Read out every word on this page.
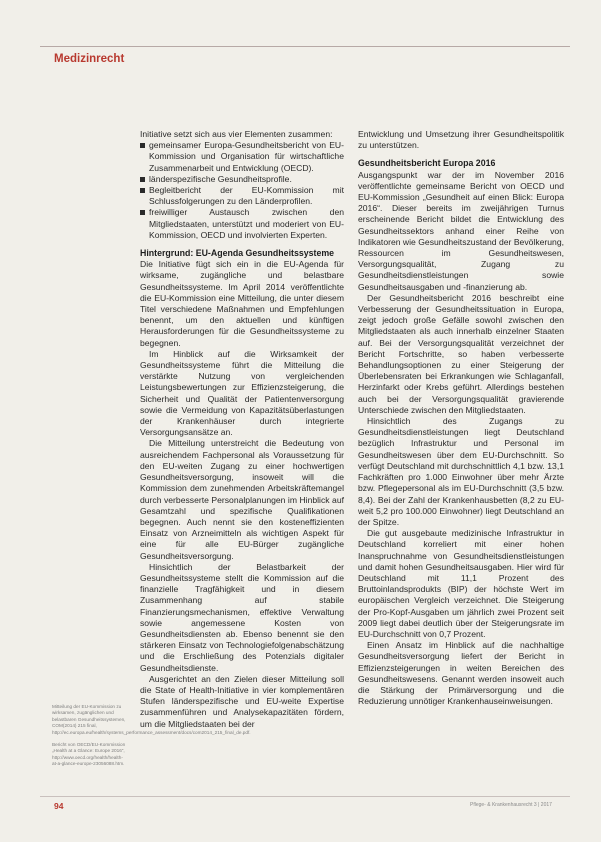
Medizinrecht

Initiative setzt sich aus vier Elementen zusammen:

gemeinsamer Europa-Gesundheitsbericht von EU-Kommission und Organisation für wirtschaftliche Zusammenarbeit und Entwicklung (OECD).
länderspezifische Gesundheitsprofile.
Begleitbericht der EU-Kommission mit Schlussfolgerungen zu den Länderprofilen.
freiwilliger Austausch zwischen den Mitgliedstaaten, unterstützt und moderiert von EU-Kommission, OECD und involvierten Experten.
Hintergrund: EU-Agenda Gesundheitssysteme

Die Initiative fügt sich ein in die EU-Agenda für wirksame, zugängliche und belastbare Gesundheitssysteme. Im April 2014 veröffentlichte die EU-Kommission eine Mitteilung, die unter diesem Titel verschiedene Maßnahmen und Empfehlungen benennt, um den aktuellen und künftigen Herausforderungen für die Gesundheitssysteme zu begegnen.

Im Hinblick auf die Wirksamkeit der Gesundheitssysteme führt die Mitteilung die verstärkte Nutzung von vergleichenden Leistungsbewertungen zur Effizienzsteigerung, die Sicherheit und Qualität der Patientenversorgung sowie die Vermeidung von Kapazitätsüberlastungen der Krankenhäuser durch integrierte Versorgungsansätze an.

Die Mitteilung unterstreicht die Bedeutung von ausreichendem Fachpersonal als Voraussetzung für den EU-weiten Zugang zu einer hochwertigen Gesundheitsversorgung, insoweit will die Kommission dem zunehmenden Arbeitskräftemangel durch verbesserte Personalplanungen im Hinblick auf Gesamtzahl und spezifische Qualifikationen begegnen. Auch nennt sie den kosteneffizienten Einsatz von Arzneimitteln als wichtigen Aspekt für eine für alle EU-Bürger zugängliche Gesundheitsversorgung.

Hinsichtlich der Belastbarkeit der Gesundheitssysteme stellt die Kommission auf die finanzielle Tragfähigkeit und in diesem Zusammenhang auf stabile Finanzierungsmechanismen, effektive Verwaltung sowie angemessene Kosten von Gesundheitsdiensten ab. Ebenso benennt sie den stärkeren Einsatz von Technologiefolgenabschätzung und die Erschließung des Potenzials digitaler Gesundheitsdienste.

Ausgerichtet an den Zielen dieser Mitteilung soll die State of Health-Initiative in vier komplementären Stufen länderspezifische und EU-weite Expertise zusammenführen und Analysekapazitäten fördern, um die Mitgliedstaaten bei der

Entwicklung und Umsetzung ihrer Gesundheitspolitik zu unterstützen.

Gesundheitsbericht Europa 2016

Ausgangspunkt war der im November 2016 veröffentlichte gemeinsame Bericht von OECD und EU-Kommission „Gesundheit auf einen Blick: Europa 2016“. Dieser bereits im zweijährigen Turnus erscheinende Bericht bildet die Entwicklung des Gesundheitssektors anhand einer Reihe von Indikatoren wie Gesundheitszustand der Bevölkerung, Ressourcen im Gesundheitswesen, Versorgungsqualität, Zugang zu Gesundheitsdienstleistungen sowie Gesundheitsausgaben und -finanzierung ab.

Der Gesundheitsbericht 2016 beschreibt eine Verbesserung der Gesundheitssituation in Europa, zeigt jedoch große Gefälle sowohl zwischen den Mitgliedstaaten als auch innerhalb einzelner Staaten auf. Bei der Versorgungsqualität verzeichnet der Bericht Fortschritte, so haben verbesserte Behandlungsoptionen zu einer Steigerung der Überlebensraten bei Erkrankungen wie Schlaganfall, Herzinfarkt oder Krebs geführt. Allerdings bestehen auch bei der Versorgungsqualität gravierende Unterschiede zwischen den Mitgliedstaaten.

Hinsichtlich des Zugangs zu Gesundheitsdienstleistungen liegt Deutschland bezüglich Infrastruktur und Personal im Gesundheitswesen über dem EU-Durchschnitt. So verfügt Deutschland mit durchschnittlich 4,1 bzw. 13,1 Fachkräften pro 1.000 Einwohner über mehr Ärzte bzw. Pflegepersonal als im EU-Durchschnitt (3,5 bzw. 8,4). Bei der Zahl der Krankenhausbetten (8,2 zu EU-weit 5,2 pro 100.000 Einwohner) liegt Deutschland an der Spitze.

Die gut ausgebaute medizinische Infrastruktur in Deutschland korreliert mit einer hohen Inanspruchnahme von Gesundheitsdienstleistungen und damit hohen Gesundheitsausgaben. Hier wird für Deutschland mit 11,1 Prozent des Bruttoinlandsprodukts (BIP) der höchste Wert im europäischen Vergleich verzeichnet. Die Steigerung der Pro-Kopf-Ausgaben um jährlich zwei Prozent seit 2009 liegt dabei deutlich über der Steigerungsrate im EU-Durchschnitt von 0,7 Prozent.

Einen Ansatz im Hinblick auf die nachhaltige Gesundheitsversorgung liefert der Bericht in Effizienzsteigerungen in weiten Bereichen des Gesundheitswesens. Genannt werden insoweit auch die Stärkung der Primärversorgung und die Reduzierung unnötiger Krankenhauseinweisungen.

Mitteilung der EU-Kommission zu wirksamen, zugänglichen und belastbaren Gesundheitssystemen, COM(2014) 215 final, http://ec.europa.eu/health/systems_performance_assessment/docs/com2014_215_final_de.pdf.

Bericht von OECD/EU-Kommission „Health at a Glance: Europe 2016“, http://www.oecd.org/health/health-at-a-glance-europe-23056088.htm.

94	Pflege- & Krankenhausrecht 3 | 2017
